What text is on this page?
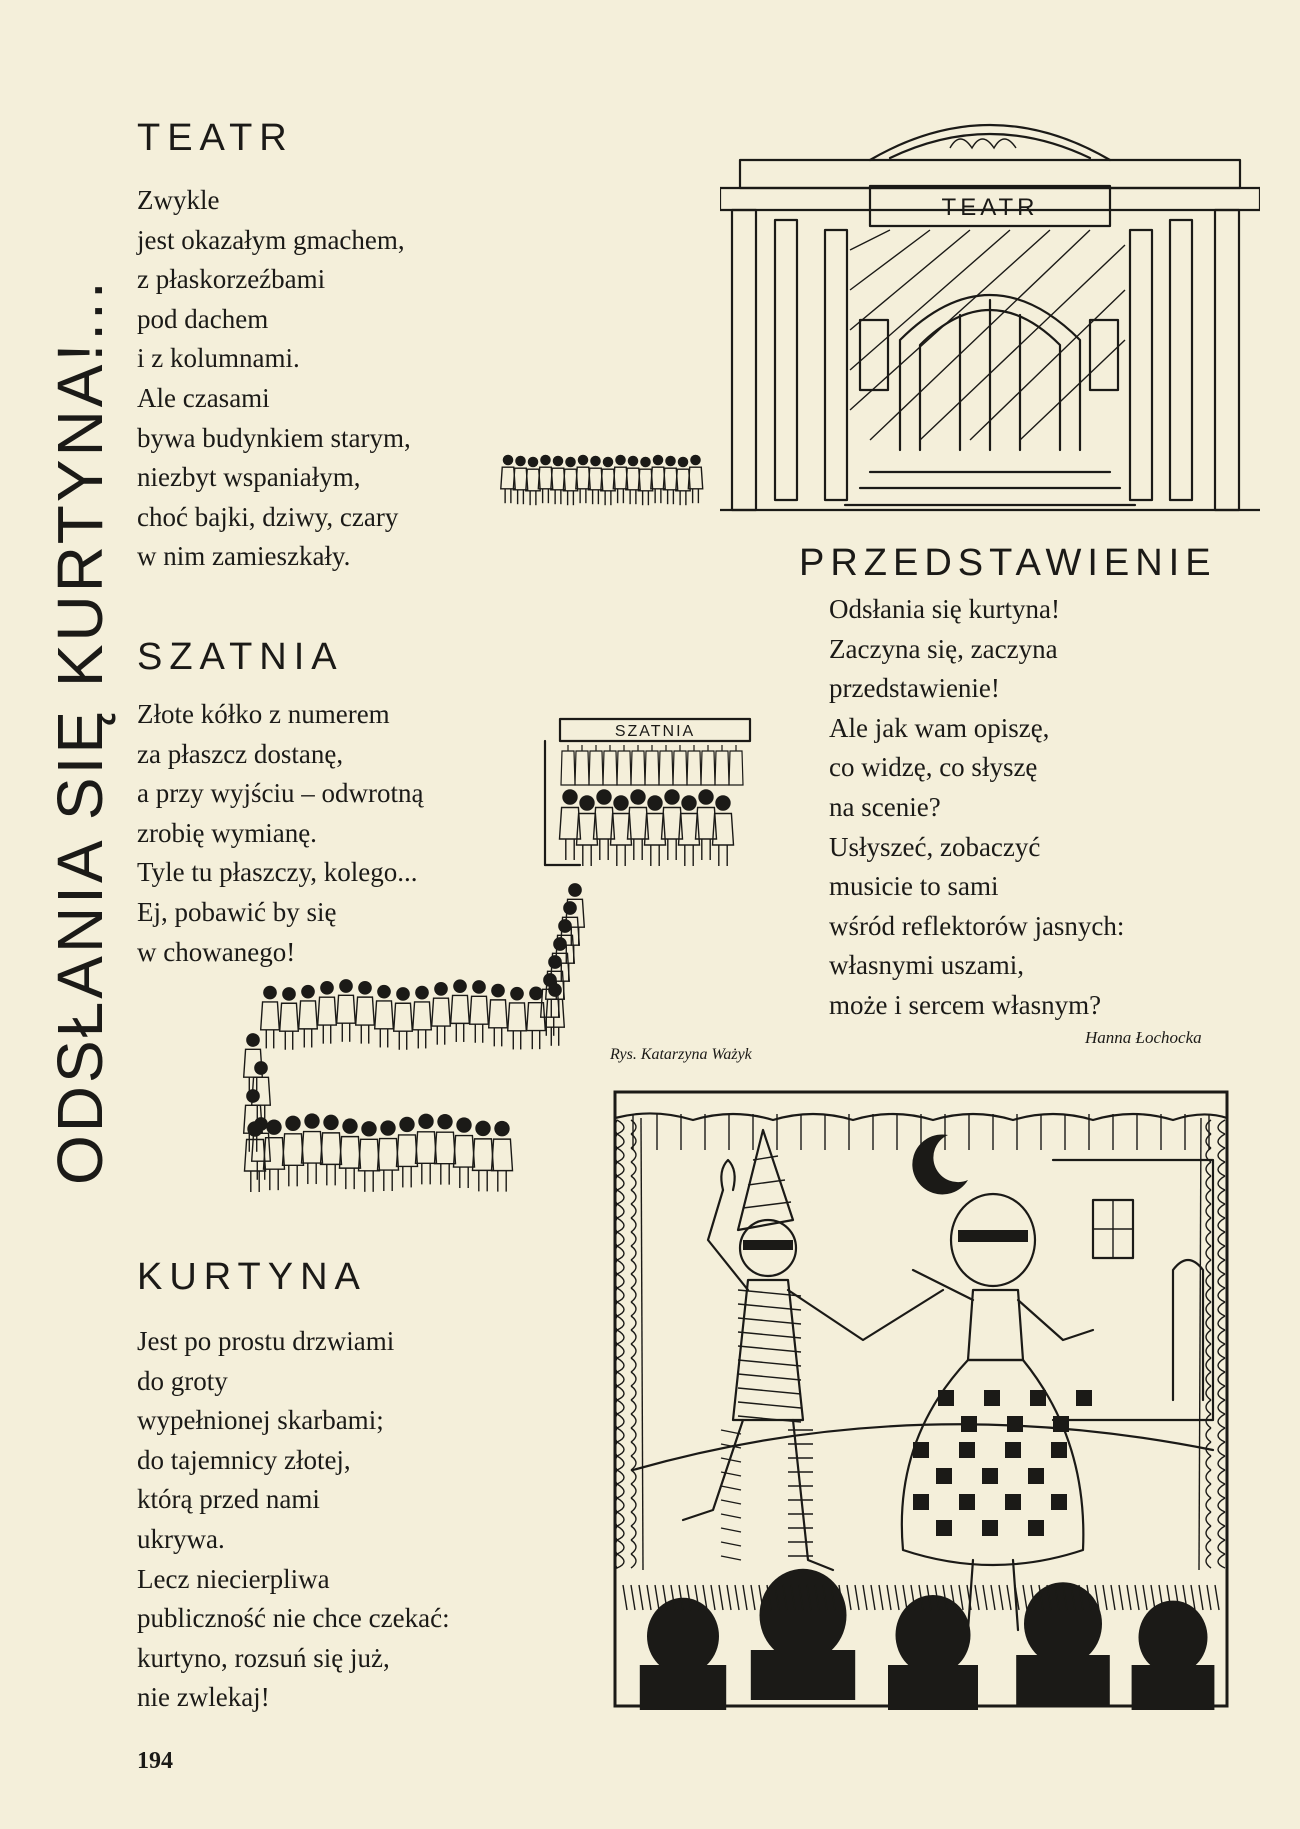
ODSŁANIA SIĘ KURTYNA!...
TEATR
Zwykle
jest okazałym gmachem,
z płaskorzeźbami
pod dachem
i z kolumnami.
Ale czasami
bywa budynkiem starym,
niezbyt wspaniałym,
choć bajki, dziwy, czary
w nim zamieszkały.
SZATNIA
Złote kółko z numerem
za płaszcz dostanę,
a przy wyjściu – odwrotną
zrobię wymianę.
Tyle tu płaszczy, kolego...
Ej, pobawić by się
w chowanego!
KURTYNA
Jest po prostu drzwiami
do groty
wypełnionej skarbami;
do tajemnicy złotej,
którą przed nami
ukrywa.
Lecz niecierpliwa
publiczność nie chce czekać:
kurtyno, rozsuń się już,
nie zwlekaj!
PRZEDSTAWIENIE
Odsłania się kurtyna!
Zaczyna się, zaczyna
przedstawienie!
Ale jak wam opiszę,
co widzę, co słyszę
na scenie?
Usłyszeć, zobaczyć
musicie to sami
wśród reflektorów jasnych:
własnymi uszami,
może i sercem własnym?
Hanna Łochocka
Rys. Katarzyna Ważyk
194
TEATR
SZATNIA
